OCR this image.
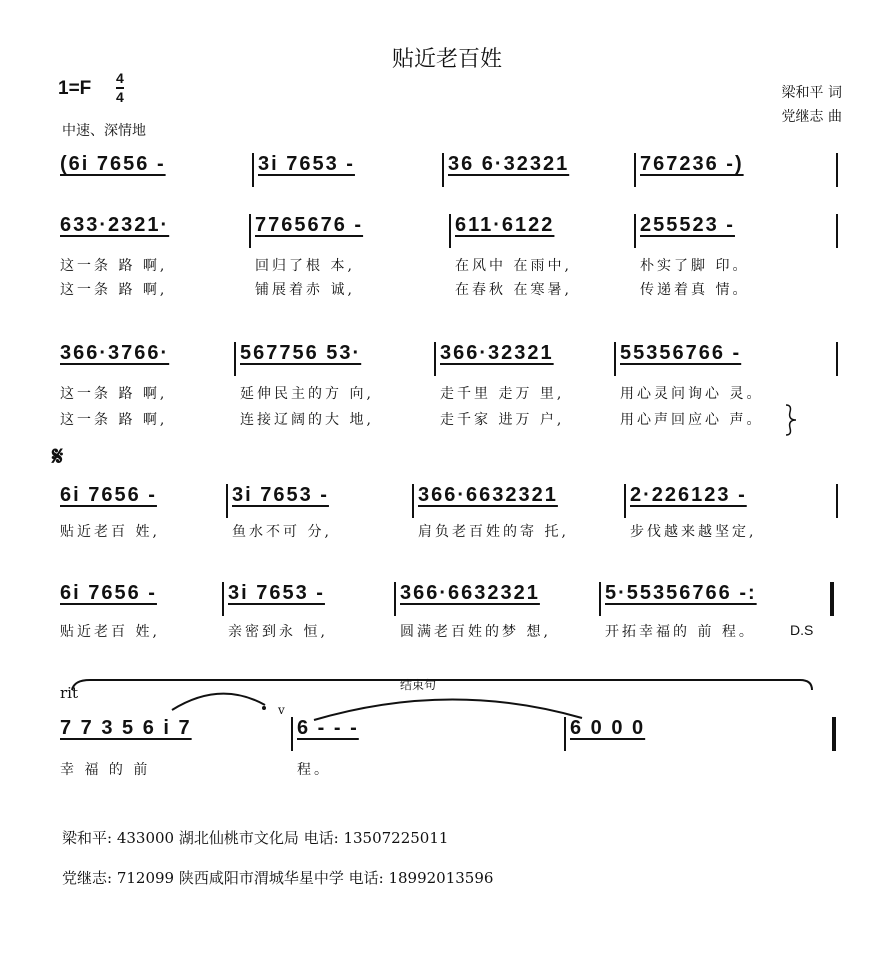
贴近老百姓
1=F 4
4	梁和平 词
党继志 曲
中速、深情地
(6i 7656 -	3i 7653 -	36 6·32321	767236 -)
633·2321·
这一条 路 啊,
这一条 路 啊,
7765676 -
回归了根 本,
铺展着赤 诚,
611·6122
在风中 在雨中,
在春秋 在寒暑,
255523 -
朴实了脚 印。
传递着真 情。
366·3766·
这一条 路 啊,
这一条 路 啊,
567756 53·
延伸民主的方 向,
连接辽阔的大 地,
366·32321
走千里 走万 里,
走千家 进万 户,
55356766 -
用心灵问询心 灵。
用心声回应心 声。
6i 7656 -
贴近老百 姓,
3i 7653 -
鱼水不可 分,
366·6632321
肩负老百姓的寄 托,
2·226123 -
步伐越来越坚定,
6i 7656 -
贴近老百 姓,
3i 7653 -
亲密到永 恒,
366·6632321
圆满老百姓的梦 想,
5·55356766 -:
开拓幸福的 前 程。
7 7 3 5 6 i 7
幸 福 的 前
6 - - -
程。
6 0 0 0
𝄋
D.S
rit	结束句
v
梁和平: 433000 湖北仙桃市文化局 电话: 13507225011
党继志: 712099 陕西咸阳市渭城华星中学 电话: 18992013596
